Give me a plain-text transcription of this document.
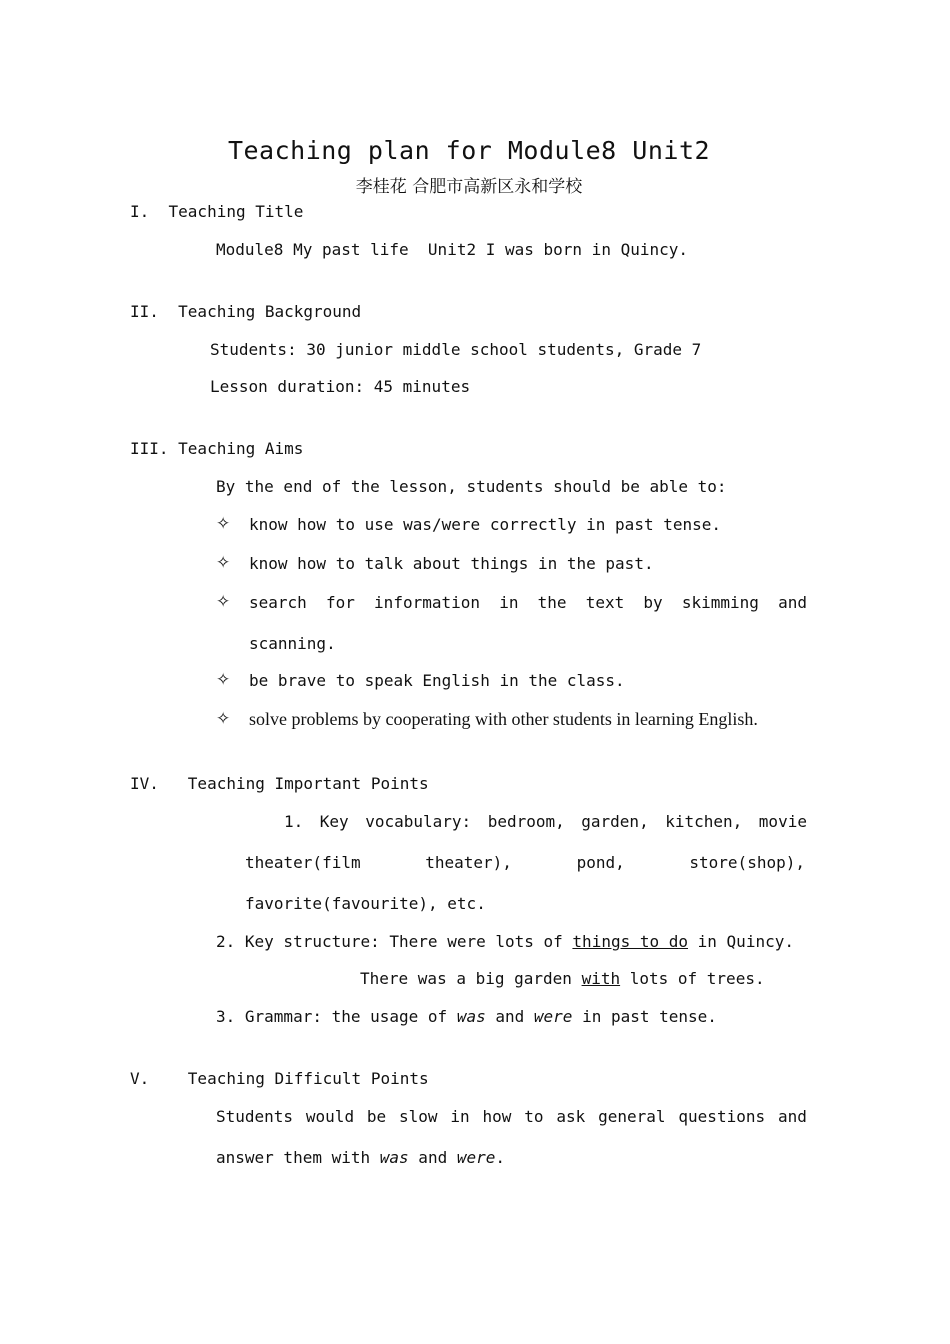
Teaching plan for Module8 Unit2
李桂花 合肥市高新区永和学校
I.  Teaching Title
Module8 My past life  Unit2 I was born in Quincy.
II.  Teaching Background
Students: 30 junior middle school students, Grade 7
Lesson duration: 45 minutes
III. Teaching Aims
By the end of the lesson, students should be able to:
✧ know how to use was/were correctly in past tense.
✧ know how to talk about things in the past.
✧ search for information in the text by skimming and
scanning.
✧ be brave to speak English in the class.
✧ solve problems by cooperating with other students in learning English.
IV.   Teaching Important Points
1. Key vocabulary: bedroom, garden, kitchen, movie
theater(film	theater),	pond,	store(shop),
favorite(favourite), etc.
2. Key structure: There were lots of things to do in Quincy.
There was a big garden with lots of trees.
3. Grammar: the usage of was and were in past tense.
V.    Teaching Difficult Points
Students would be slow in how to ask general questions and
answer them with was and were.
